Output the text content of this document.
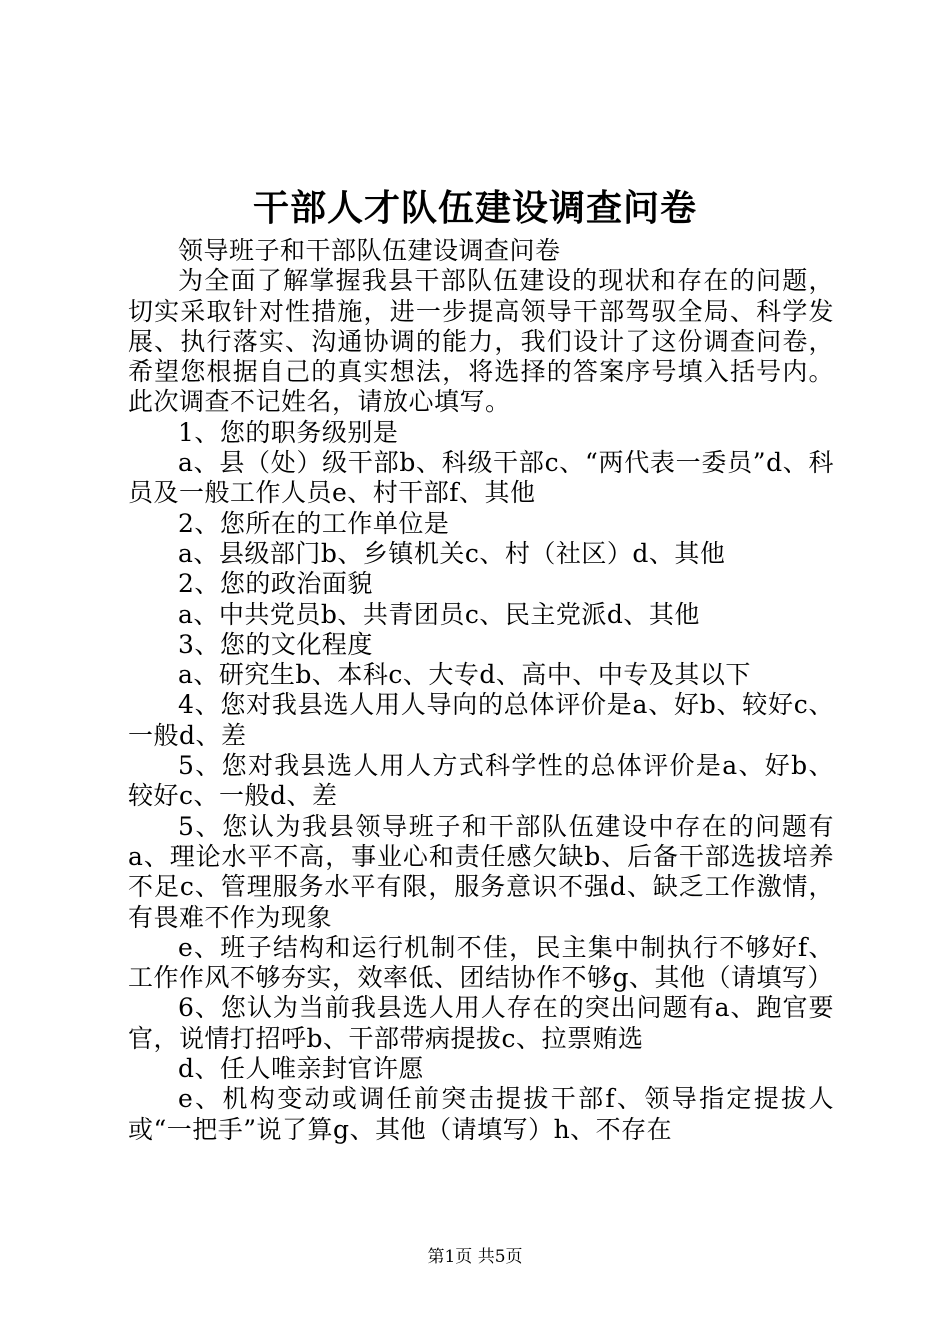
干部人才队伍建设调查问卷

领导班子和干部队伍建设调查问卷

为全面了解掌握我县干部队伍建设的现状和存在的问题，切实采取针对性措施，进一步提高领导干部驾驭全局、科学发展、执行落实、沟通协调的能力，我们设计了这份调查问卷，希望您根据自己的真实想法，将选择的答案序号填入括号内。此次调查不记姓名，请放心填写。

1、您的职务级别是

a、县（处）级干部b、科级干部c、“两代表一委员”d、科员及一般工作人员e、村干部f、其他

2、您所在的工作单位是

a、县级部门b、乡镇机关c、村（社区）d、其他

2、您的政治面貌

a、中共党员b、共青团员c、民主党派d、其他

3、您的文化程度

a、研究生b、本科c、大专d、高中、中专及其以下

4、您对我县选人用人导向的总体评价是a、好b、较好c、一般d、差

5、您对我县选人用人方式科学性的总体评价是a、好b、较好c、一般d、差

5、您认为我县领导班子和干部队伍建设中存在的问题有a、理论水平不高，事业心和责任感欠缺b、后备干部选拔培养不足c、管理服务水平有限，服务意识不强d、缺乏工作激情，有畏难不作为现象

e、班子结构和运行机制不佳，民主集中制执行不够好f、工作作风不够夯实，效率低、团结协作不够g、其他（请填写）

6、您认为当前我县选人用人存在的突出问题有a、跑官要官，说情打招呼b、干部带病提拔c、拉票贿选

d、任人唯亲封官许愿

e、机构变动或调任前突击提拔干部f、领导指定提拔人或“一把手”说了算g、其他（请填写）h、不存在

第1页 共5页
